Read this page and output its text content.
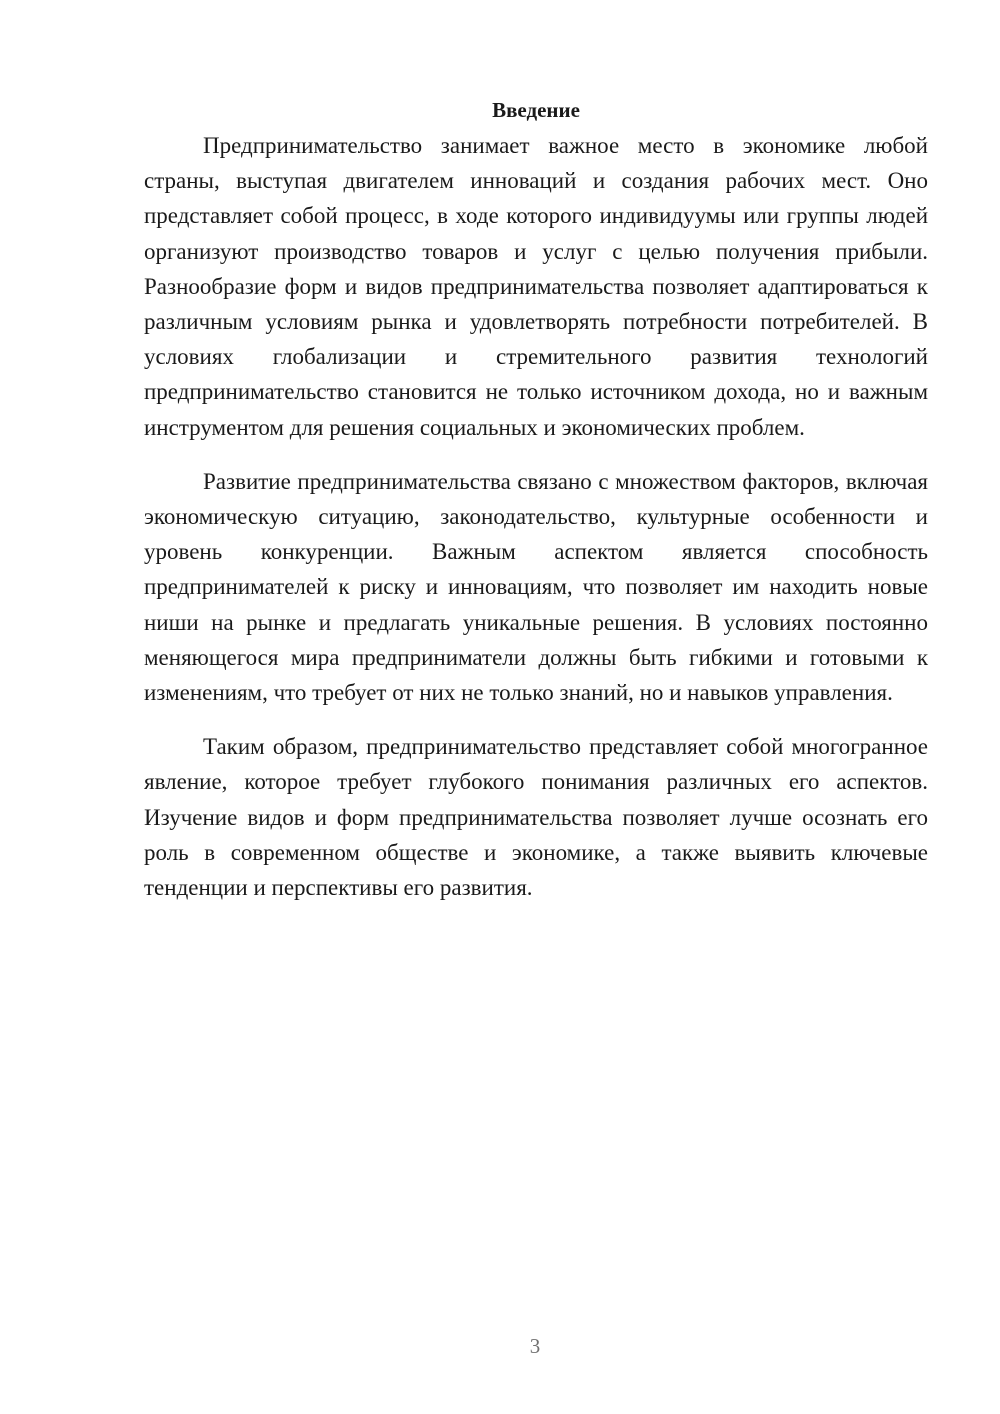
Введение

Предпринимательство занимает важное место в экономике любой страны, выступая двигателем инноваций и создания рабочих мест. Оно представляет собой процесс, в ходе которого индивидуумы или группы людей организуют производство товаров и услуг с целью получения прибыли. Разнообразие форм и видов предпринимательства позволяет адаптироваться к различным условиям рынка и удовлетворять потребности потребителей. В условиях глобализации и стремительного развития технологий предпринимательство становится не только источником дохода, но и важным инструментом для решения социальных и экономических проблем.

Развитие предпринимательства связано с множеством факторов, включая экономическую ситуацию, законодательство, культурные особенности и уровень конкуренции. Важным аспектом является способность предпринимателей к риску и инновациям, что позволяет им находить новые ниши на рынке и предлагать уникальные решения. В условиях постоянно меняющегося мира предприниматели должны быть гибкими и готовыми к изменениям, что требует от них не только знаний, но и навыков управления.

Таким образом, предпринимательство представляет собой многогранное явление, которое требует глубокого понимания различных его аспектов. Изучение видов и форм предпринимательства позволяет лучше осознать его роль в современном обществе и экономике, а также выявить ключевые тенденции и перспективы его развития.

3
